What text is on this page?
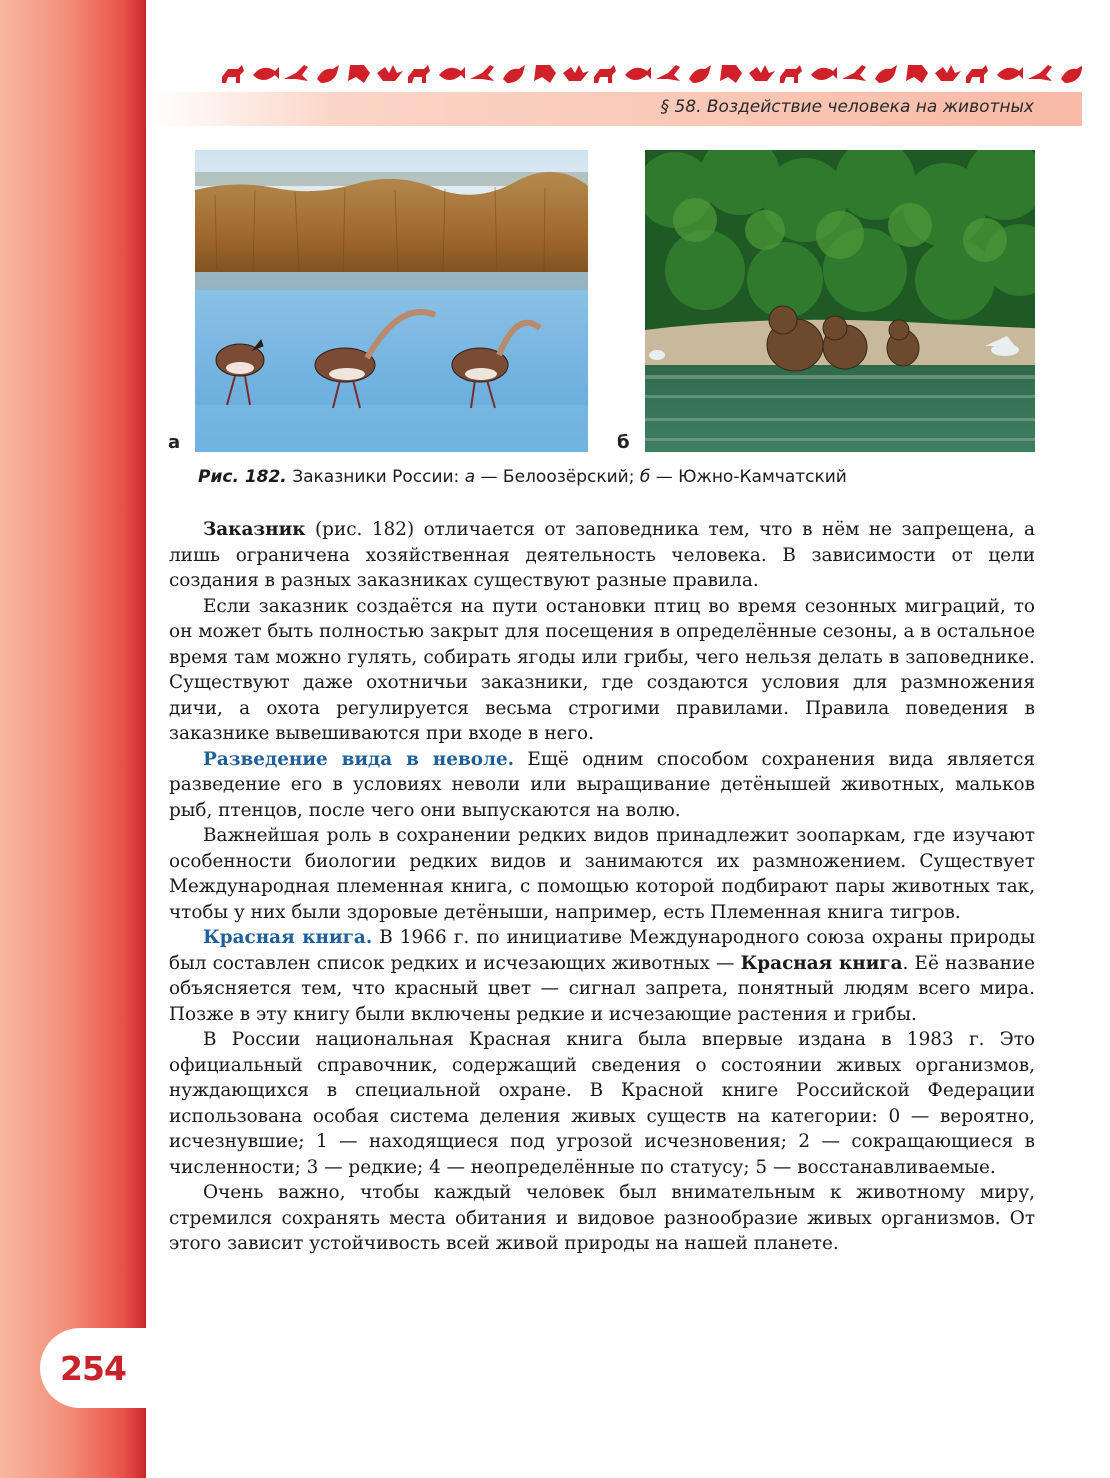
254
§ 58. Воздействие человека на животных
а	б
Рис. 182. Заказники России: а — Белоозёрский; б — Южно-Камчатский

Заказник (рис. 182) отличается от заповедника тем, что в нём не запрещена, а лишь ограничена хозяйственная деятельность человека. В зависимости от цели создания в разных заказниках существуют разные правила.

Если заказник создаётся на пути остановки птиц во время сезонных миграций, то он может быть полностью закрыт для посещения в определённые сезоны, а в остальное время там можно гулять, собирать ягоды или грибы, чего нельзя делать в заповеднике. Существуют даже охотничьи заказники, где создаются условия для размножения дичи, а охота регулируется весьма строгими правилами. Правила поведения в заказнике вывешиваются при входе в него.

Разведение вида в неволе. Ещё одним способом сохранения вида является разведение его в условиях неволи или выращивание детёнышей животных, мальков рыб, птенцов, после чего они выпускаются на волю.

Важнейшая роль в сохранении редких видов принадлежит зоопаркам, где изучают особенности биологии редких видов и занимаются их размножением. Существует Международная племенная книга, с помощью которой подбирают пары животных так, чтобы у них были здоровые детёныши, например, есть Племенная книга тигров.

Красная книга. В 1966 г. по инициативе Международного союза охраны природы был составлен список редких и исчезающих животных — Красная книга. Её название объясняется тем, что красный цвет — сигнал запрета, понятный людям всего мира. Позже в эту книгу были включены редкие и исчезающие растения и грибы.

В России национальная Красная книга была впервые издана в 1983 г. Это официальный справочник, содержащий сведения о состоянии живых организмов, нуждающихся в специальной охране. В Красной книге Российской Федерации использована особая система деления живых существ на категории: 0 — вероятно, исчезнувшие; 1 — находящиеся под угрозой исчезновения; 2 — сокращающиеся в численности; 3 — редкие; 4 — неопределённые по статусу; 5 — восстанавливаемые.

Очень важно, чтобы каждый человек был внимательным к животному миру, стремился сохранять места обитания и видовое разнообразие живых организмов. От этого зависит устойчивость всей живой природы на нашей планете.
